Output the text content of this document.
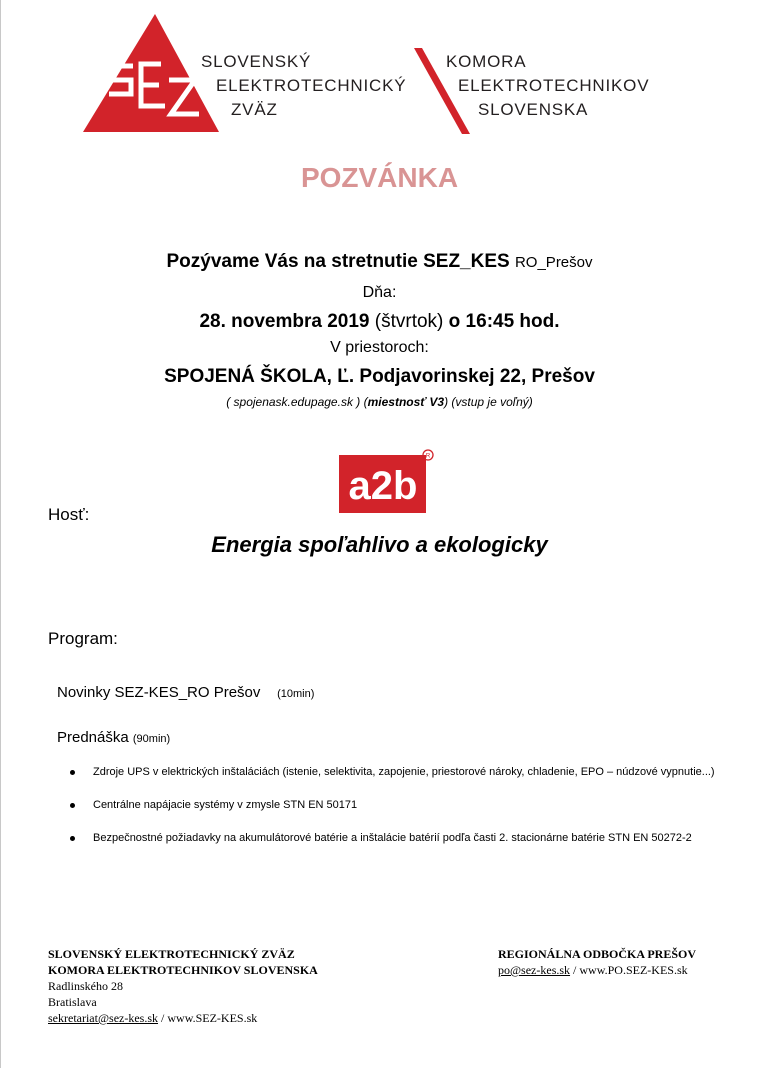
SLOVENSKÝ
ELEKTROTECHNICKÝ
ZVÄZ
KOMORA
ELEKTROTECHNIKOV
SLOVENSKA
POZVÁNKA
Pozývame Vás na stretnutie SEZ_KES RO_Prešov
Dňa:
28. novembra 2019 (štvrtok) o 16:45 hod.
V priestoroch:
SPOJENÁ ŠKOLA, Ľ. Podjavorinskej 22, Prešov
( spojenask.edupage.sk ) (miestnosť V3) (vstup je voľný)
a2b
R
Hosť:
Energia spoľahlivo a ekologicky
Program:
Novinky SEZ-KES_RO Prešov (10min)
Prednáška (90min)
Zdroje UPS v elektrických inštaláciách (istenie, selektivita, zapojenie, priestorové nároky, chladenie, EPO – núdzové vypnutie...)
Centrálne napájacie systémy v zmysle STN EN 50171
Bezpečnostné požiadavky na akumulátorové batérie a inštalácie batérií podľa časti 2. stacionárne batérie STN EN 50272-2
SLOVENSKÝ ELEKTROTECHNICKÝ ZVÄZ
KOMORA ELEKTROTECHNIKOV SLOVENSKA
Radlinského 28
Bratislava
sekretariat@sez-kes.sk / www.SEZ-KES.sk
REGIONÁLNA ODBOČKA PREŠOV
po@sez-kes.sk / www.PO.SEZ-KES.sk
